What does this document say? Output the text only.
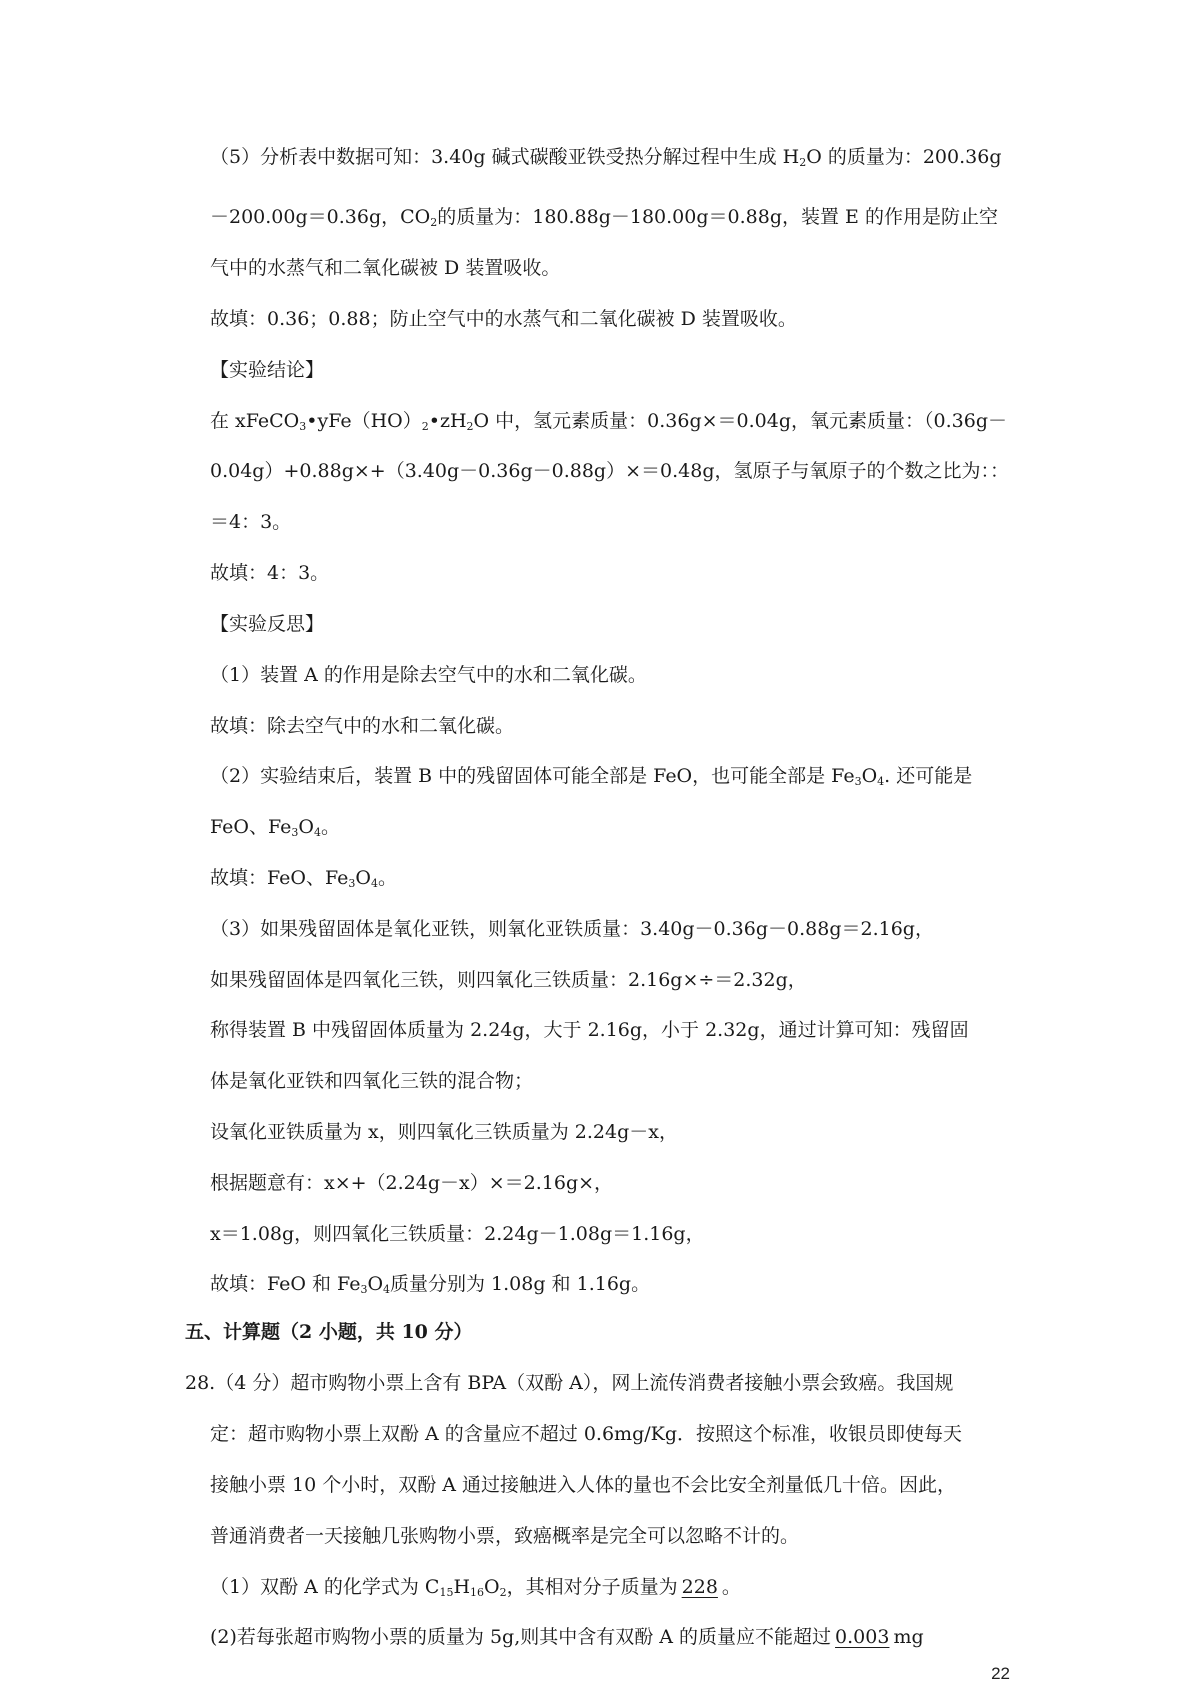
（5）分析表中数据可知：3.40g 碱式碳酸亚铁受热分解过程中生成 $H_2O$ 的质量为：200.36g
－200.00g＝0.36g，$CO_2$的质量为：180.88g－180.00g＝0.88g，装置 E 的作用是防止空
气中的水蒸气和二氧化碳被 D 装置吸收。
故填：0.36；0.88；防止空气中的水蒸气和二氧化碳被 D 装置吸收。
【实验结论】
在 $xFeCO_3•yFe(HO)_2•zH_2O$ 中，氢元素质量：0.36g×＝0.04g，氧元素质量：（0.36g－
0.04g）+0.88g×+（3.40g－0.36g－0.88g）×＝0.48g，氢原子与氧原子的个数之比为：：
＝4：3。
故填：4：3。
【实验反思】
（1）装置 A 的作用是除去空气中的水和二氧化碳。
故填：除去空气中的水和二氧化碳。
（2）实验结束后，装置 B 中的残留固体可能全部是 FeO，也可能全部是 $Fe_3O_4$. 还可能是
FeO、$Fe_3O_4$。
故填：FeO、$Fe_3O_4$。
（3）如果残留固体是氧化亚铁，则氧化亚铁质量：3.40g－0.36g－0.88g＝2.16g，
如果残留固体是四氧化三铁，则四氧化三铁质量：2.16g×÷＝2.32g，
称得装置 B 中残留固体质量为 2.24g，大于 2.16g，小于 2.32g，通过计算可知：残留固
体是氧化亚铁和四氧化三铁的混合物；
设氧化亚铁质量为 x，则四氧化三铁质量为 2.24g－x，
根据题意有：x×+（2.24g－x）×＝2.16g×，
x＝1.08g，则四氧化三铁质量：2.24g－1.08g＝1.16g，
故填：FeO 和 $Fe_3O_4$质量分别为 1.08g 和 1.16g。
五、计算题（2 小题，共 10 分）
28.（4 分）超市购物小票上含有 BPA（双酚 A），网上流传消费者接触小票会致癌。我国规
定：超市购物小票上双酚 A 的含量应不超过 0.6mg/Kg．按照这个标准，收银员即使每天
接触小票 10 个小时，双酚 A 通过接触进入人体的量也不会比安全剂量低几十倍。因此，
普通消费者一天接触几张购物小票，致癌概率是完全可以忽略不计的。
（1）双酚 A 的化学式为 $C_{15}H_{16}O_2$，其相对分子质量为 228 。
(2)若每张超市购物小票的质量为 5g,则其中含有双酚 A 的质量应不能超过 0.003 mg
22
